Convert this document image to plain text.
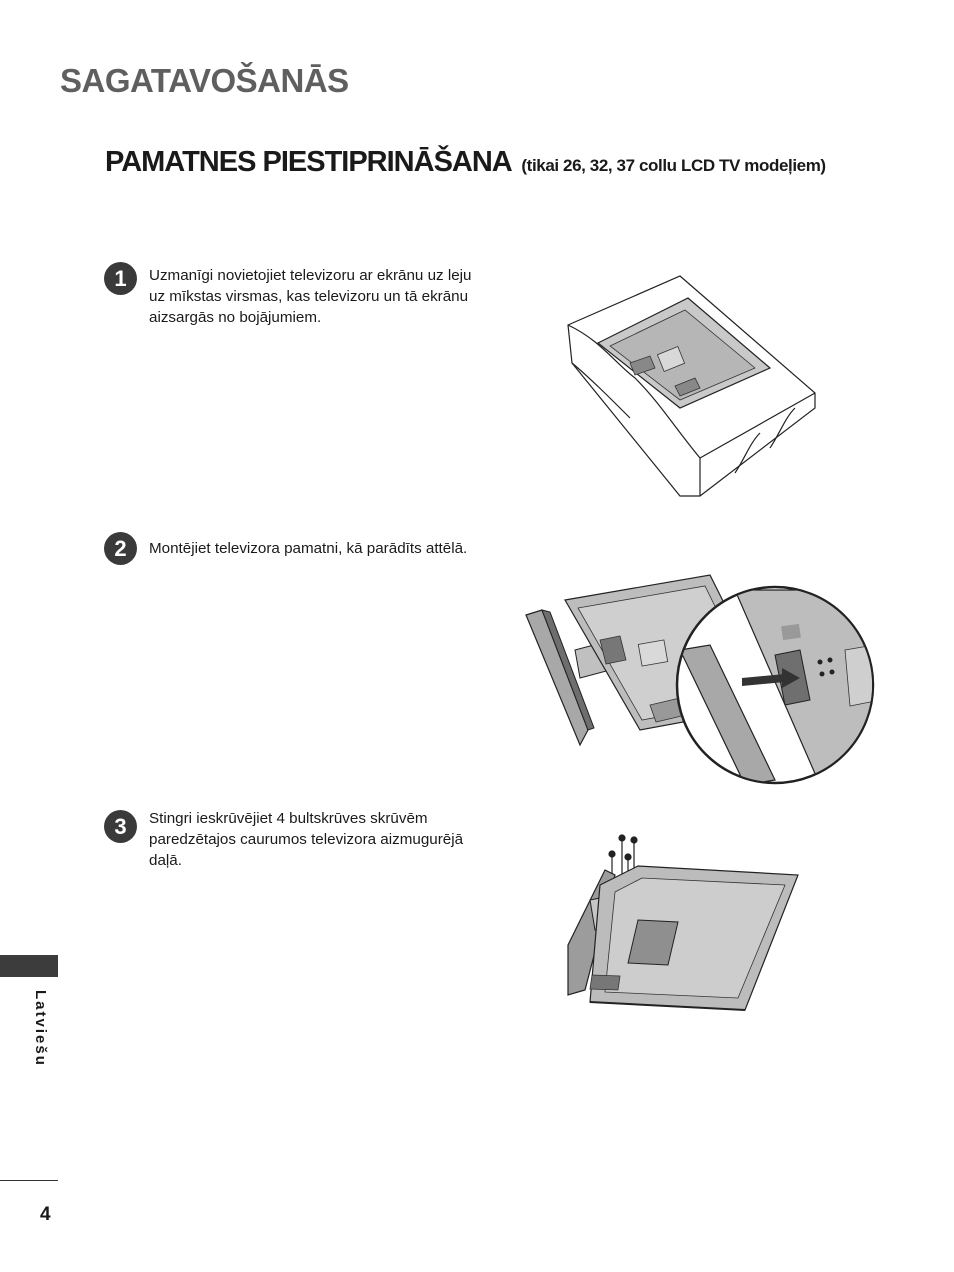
SAGATAVOŠANĀS
PAMATNES PIESTIPRINĀŠANA (tikai 26, 32, 37 collu LCD TV modeļiem)
1	Uzmanīgi novietojiet televizoru ar ekrānu uz leju uz mīkstas virsmas, kas televizoru un tā ekrānu aizsargās no bojājumiem.

2	Montējiet televizora pamatni, kā parādīts attēlā.

3	Stingri ieskrūvējiet 4 bultskrūves skrūvēm paredzētajos caurumos televizora aizmugurējā daļā.

Latviešu
4
